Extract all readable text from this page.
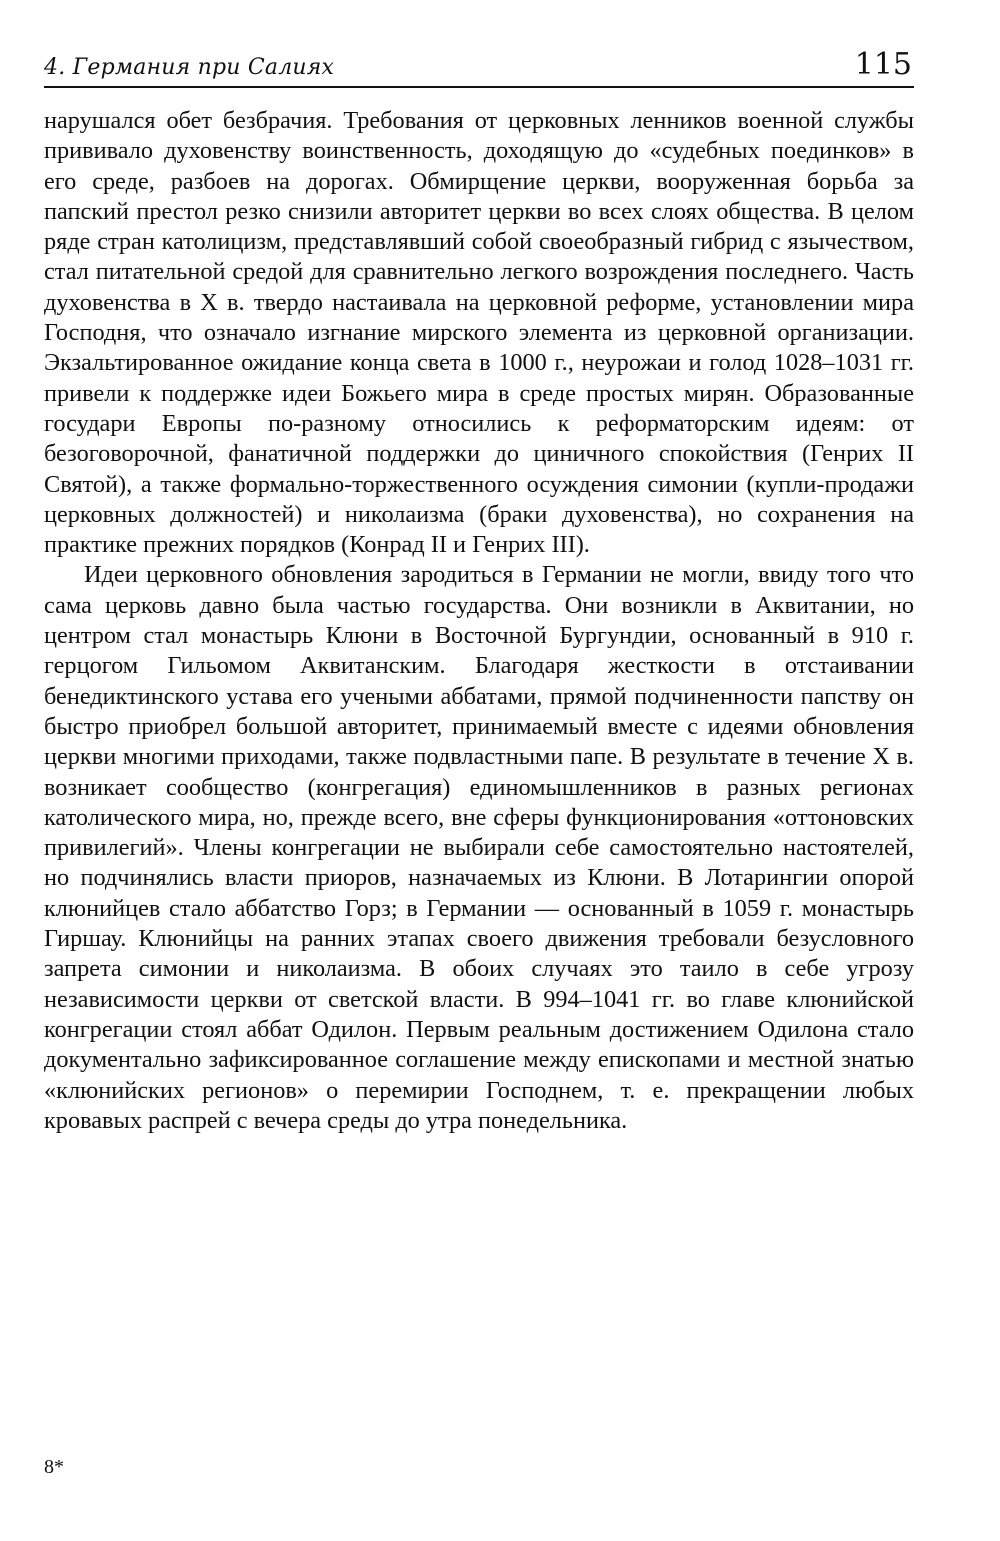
4. Германия при Салиях	115

нарушался обет безбрачия. Требования от церковных ленников военной службы прививало духовенству воинственность, доходящую до «судебных поединков» в его среде, разбоев на дорогах. Обмирщение церкви, вооруженная борьба за папский престол резко снизили авторитет церкви во всех слоях общества. В целом ряде стран католицизм, представлявший собой своеобразный гибрид с язычеством, стал питательной средой для сравнительно легкого возрождения последнего. Часть духовенства в X в. твердо настаивала на церковной реформе, установлении мира Господня, что означало изгнание мирского элемента из церковной организации. Экзальтированное ожидание конца света в 1000 г., неурожаи и голод 1028–1031 гг. привели к поддержке идеи Божьего мира в среде простых мирян. Образованные государи Европы по-разному относились к реформаторским идеям: от безоговорочной, фанатичной поддержки до циничного спокойствия (Генрих II Святой), а также формально-торжественного осуждения симонии (купли-продажи церковных должностей) и николаизма (браки духовенства), но сохранения на практике прежних порядков (Конрад II и Генрих III).

Идеи церковного обновления зародиться в Германии не могли, ввиду того что сама церковь давно была частью государства. Они возникли в Аквитании, но центром стал монастырь Клюни в Восточной Бургундии, основанный в 910 г. герцогом Гильомом Аквитанским. Благодаря жесткости в отстаивании бенедиктинского устава его учеными аббатами, прямой подчиненности папству он быстро приобрел большой авторитет, принимаемый вместе с идеями обновления церкви многими приходами, также подвластными папе. В результате в течение X в. возникает сообщество (конгрегация) единомышленников в разных регионах католического мира, но, прежде всего, вне сферы функционирования «оттоновских привилегий». Члены конгрегации не выбирали себе самостоятельно настоятелей, но подчинялись власти приоров, назначаемых из Клюни. В Лотарингии опорой клюнийцев стало аббатство Горз; в Германии — основанный в 1059 г. монастырь Гиршау. Клюнийцы на ранних этапах своего движения требовали безусловного запрета симонии и николаизма. В обоих случаях это таило в себе угрозу независимости церкви от светской власти. В 994–1041 гг. во главе клюнийской конгрегации стоял аббат Одилон. Первым реальным достижением Одилона стало документально зафиксированное соглашение между епископами и местной знатью «клюнийских регионов» о перемирии Господнем, т. е. прекращении любых кровавых распрей с вечера среды до утра понедельника.

8*
